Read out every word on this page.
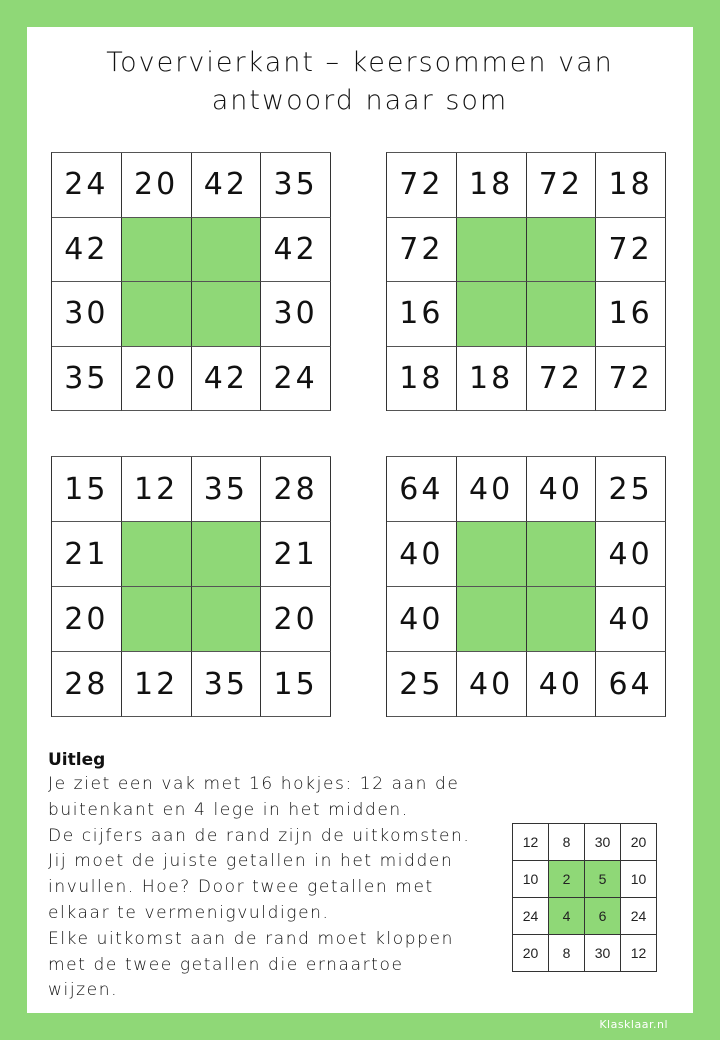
Tovervierkant – keersommen van
antwoord naar som
24 20 42 35
42	42
30	30
35 20 42 24
72 18 72 18
72	72
16	16
18 18 72 72
15 12 35 28
21	21
20	20
28 12 35 15
64 40 40 25
40	40
40	40
25 40 40 64
Uitleg

Je ziet een vak met 16 hokjes: 12 aan de

buitenkant en 4 lege in het midden.

De cijfers aan de rand zijn de uitkomsten.

Jij moet de juiste getallen in het midden

invullen. Hoe? Door twee getallen met

elkaar te vermenigvuldigen.

Elke uitkomst aan de rand moet kloppen

met de twee getallen die ernaartoe

wijzen.

12	8	30	20
10	2	5	10
24	4	6	24
20	8	30	12
Klasklaar.nl
